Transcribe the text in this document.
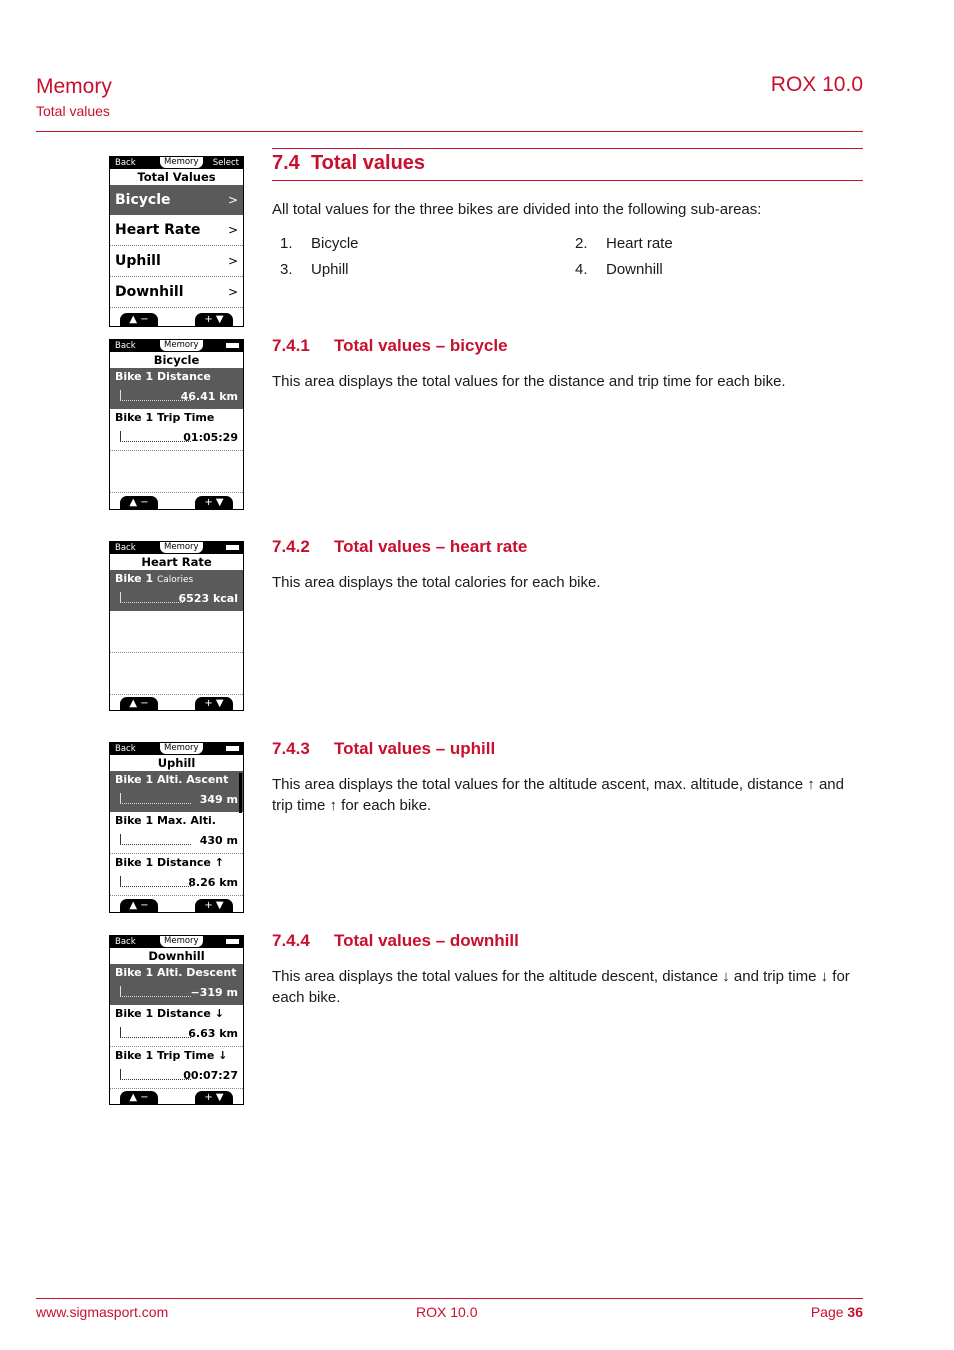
Memory
Total values
ROX 10.0
7.4 Total values
All total values for the three bikes are divided into the following sub-areas:
1. Bicycle	2. Heart rate
3. Uphill	4. Downhill
7.4.1 Total values – bicycle
This area displays the total values for the distance and trip time for each bike.
7.4.2 Total values – heart rate
This area displays the total calories for each bike.
7.4.3 Total values – uphill
This area displays the total values for the altitude ascent, max. altitude, distance ↑ and trip time ↑ for each bike.
7.4.4 Total values – downhill
This area displays the total values for the altitude descent, distance ↓ and trip time ↓ for each bike.
Back	Memory	Select
Total Values
Bicycle	>
Heart Rate >
Uphill	>
Downhill	>
▲ −	+ ▼
Back	Memory
Bicycle
Bike 1 Distance
46.41 km
Bike 1 Trip Time
01:05:29
▲ −	+ ▼
Back	Memory
Heart Rate
Bike 1 Calories
6523 kcal
▲ −	+ ▼
Back	Memory
Uphill
Bike 1 Alti. Ascent
349 m
Bike 1 Max. Alti.
430 m
Bike 1 Distance ↑
8.26 km
▲ −	+ ▼
Back	Memory
Downhill
Bike 1 Alti. Descent
−319 m
Bike 1 Distance ↓
6.63 km
Bike 1 Trip Time ↓
00:07:27
▲ −	+ ▼
www.sigmasport.com	ROX 10.0	Page 36
